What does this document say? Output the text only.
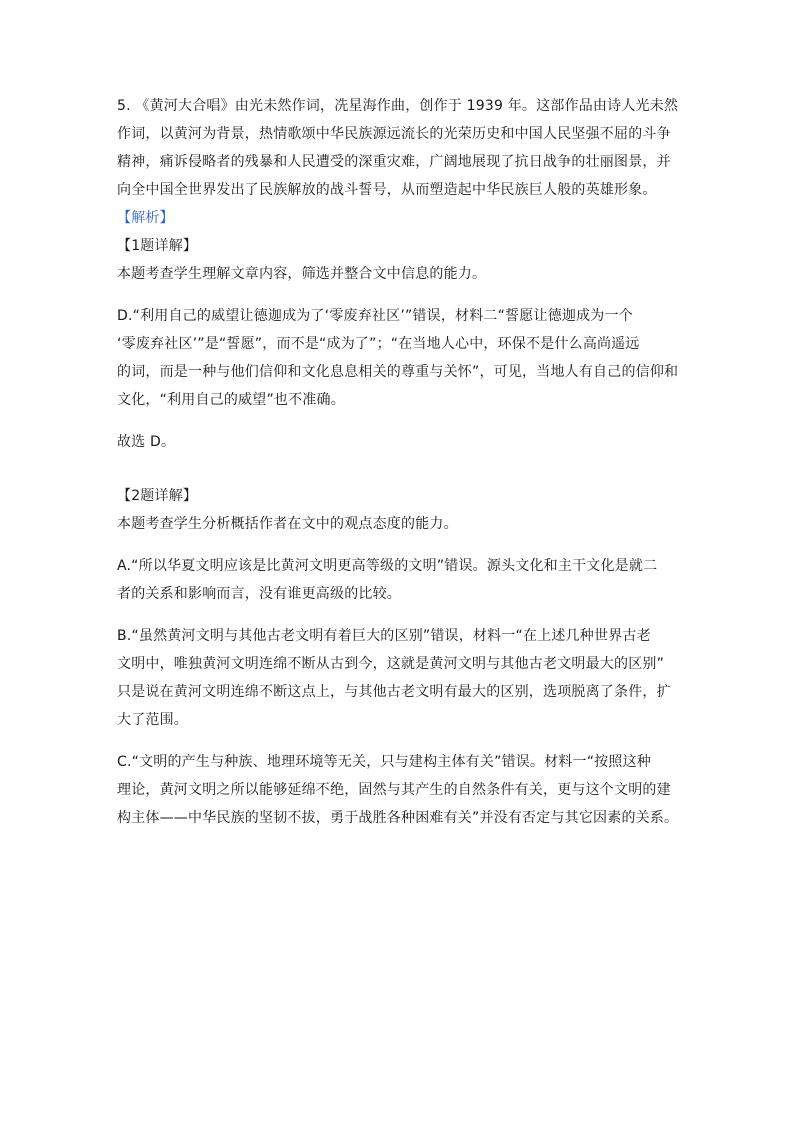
5. 《黄河大合唱》由光未然作词，冼星海作曲，创作于 1939 年。这部作品由诗人光未然
作词，以黄河为背景，热情歌颂中华民族源远流长的光荣历史和中国人民坚强不屈的斗争
精神，痛诉侵略者的残暴和人民遭受的深重灾难，广阔地展现了抗日战争的壮丽图景，并
向全中国全世界发出了民族解放的战斗誓号，从而塑造起中华民族巨人般的英雄形象。
【解析】
【1题详解】
本题考查学生理解文章内容，筛选并整合文中信息的能力。
D.“利用自己的威望让德迦成为了‘零废弃社区’”错误，材料二“誓愿让德迦成为一个
‘零废弃社区’”是“誓愿”，而不是“成为了”；“在当地人心中，环保不是什么高尚遥远
的词，而是一种与他们信仰和文化息息相关的尊重与关怀”，可见，当地人有自己的信仰和
文化，“利用自己的威望”也不准确。
故选 D。
【2题详解】
本题考查学生分析概括作者在文中的观点态度的能力。
A.“所以华夏文明应该是比黄河文明更高等级的文明”错误。源头文化和主干文化是就二
者的关系和影响而言，没有谁更高级的比较。
B.“虽然黄河文明与其他古老文明有着巨大的区别”错误，材料一“在上述几种世界古老
文明中，唯独黄河文明连绵不断从古到今，这就是黄河文明与其他古老文明最大的区别”
只是说在黄河文明连绵不断这点上，与其他古老文明有最大的区别，选项脱离了条件，扩
大了范围。
C.“文明的产生与种族、地理环境等无关，只与建构主体有关”错误。材料一“按照这种
理论，黄河文明之所以能够延绵不绝，固然与其产生的自然条件有关，更与这个文明的建
构主体——中华民族的坚韧不拔，勇于战胜各种困难有关”并没有否定与其它因素的关系。
